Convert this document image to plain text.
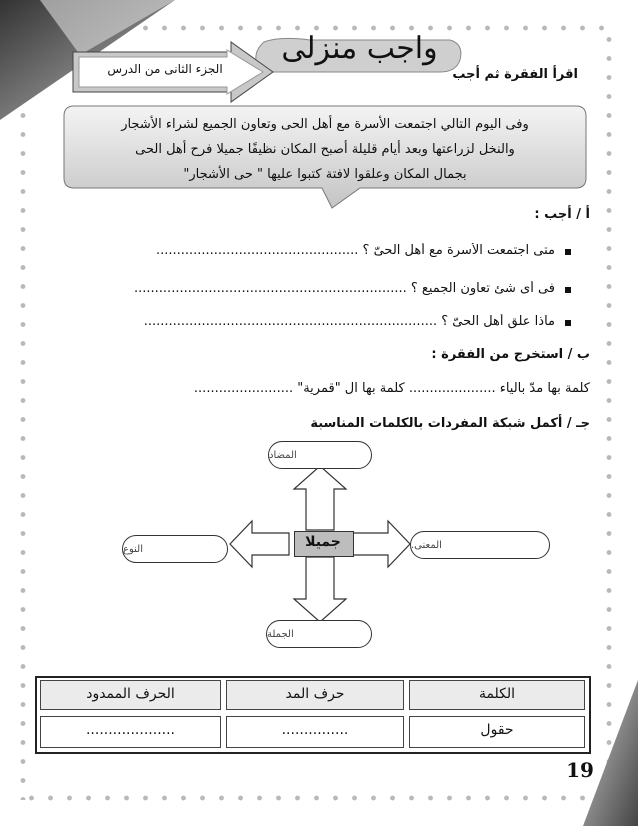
واجب منزلى
الجزء الثانى من الدرس	اقرأ الفقرة ثم أجب
وفى اليوم التالي اجتمعت الأسرة مع أهل الحى وتعاون الجميع لشراء الأشجار
والنخل لزراعتها وبعد أيام قليلة أصبح المكان نظيفًا جميلا فرح أهل الحى
بجمال المكان وعلقوا لافتة كتبوا عليها " حى الأشجار"
أ / أجب :
متى اجتمعت الأسرة مع أهل الحىّ ؟ .................................................
فى أى شئ تعاون الجميع ؟ ..................................................................
ماذا علق أهل الحىّ ؟ .......................................................................
ب / استخرج من الفقرة :
كلمة بها مدّ بالياء ..................... كلمة بها ال "قمرية" ........................
جـ / أكمل شبكة المفردات بالكلمات المناسبة
جميلا
المضاد
المعنى.
النوع
الجملة
الكلمة
حرف المد
الحرف الممدود
حقول
...............
....................
19
